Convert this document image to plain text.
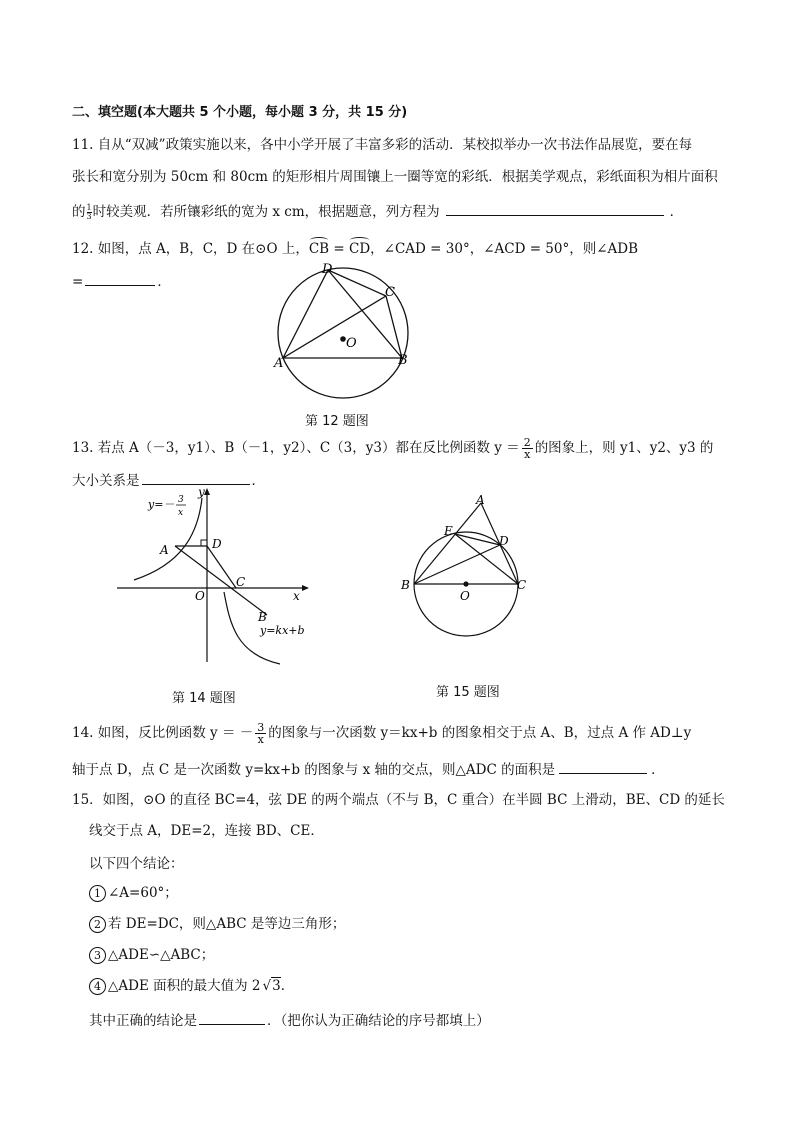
二、填空题(本大题共 5 个小题，每小题 3 分，共 15 分)
11. 自从“双减”政策实施以来，各中小学开展了丰富多彩的活动．某校拟举办一次书法作品展览，要在每
张长和宽分别为 50cm 和 80cm 的矩形相片周围镶上一圈等宽的彩纸．根据美学观点，彩纸面积为相片面积
的 $\frac{1}{3}$ 时较美观．若所镶彩纸的宽为 x cm，根据题意，列方程为	．
12. 如图，点 A，B，C，D 在⊙O 上，CB = CD，∠CAD = 30°，∠ACD = 50°，则∠ADB
=	．
A	B
C
D
O
第 12 题图
13. 若点 A（－3，y1）、B（－1，y2）、C（3，y3）都在反比例函数 $y = \frac{2}{x}$ 的图象上，则 y1、y2、y3 的
大小关系是	．
y=－ 3
x
A	D
C
O	x
y
B
y=kx+b
第 14 题图
A
B	C
D
E
O
第 15 题图
14. 如图，反比例函数 y ＝ － $\frac{3}{x}$ 的图象与一次函数 y＝kx+b 的图象相交于点 A、B，过点 A 作 AD⊥y
轴于点 D，点 C 是一次函数 y=kx+b 的图象与 x 轴的交点，则△ADC 的面积是	．
15．如图，⊙O 的直径 BC=4，弦 DE 的两个端点（不与 B，C 重合）在半圆 BC 上滑动，BE、CD 的延长
线交于点 A，DE=2，连接 BD、CE．
以下四个结论：
1 ∠A=60°；
2 若 DE=DC，则△ABC 是等边三角形；
3 △ADE∽△ABC；
4 △ADE 面积的最大值为 2 √3．
其中正确的结论是	．（把你认为正确结论的序号都填上）
